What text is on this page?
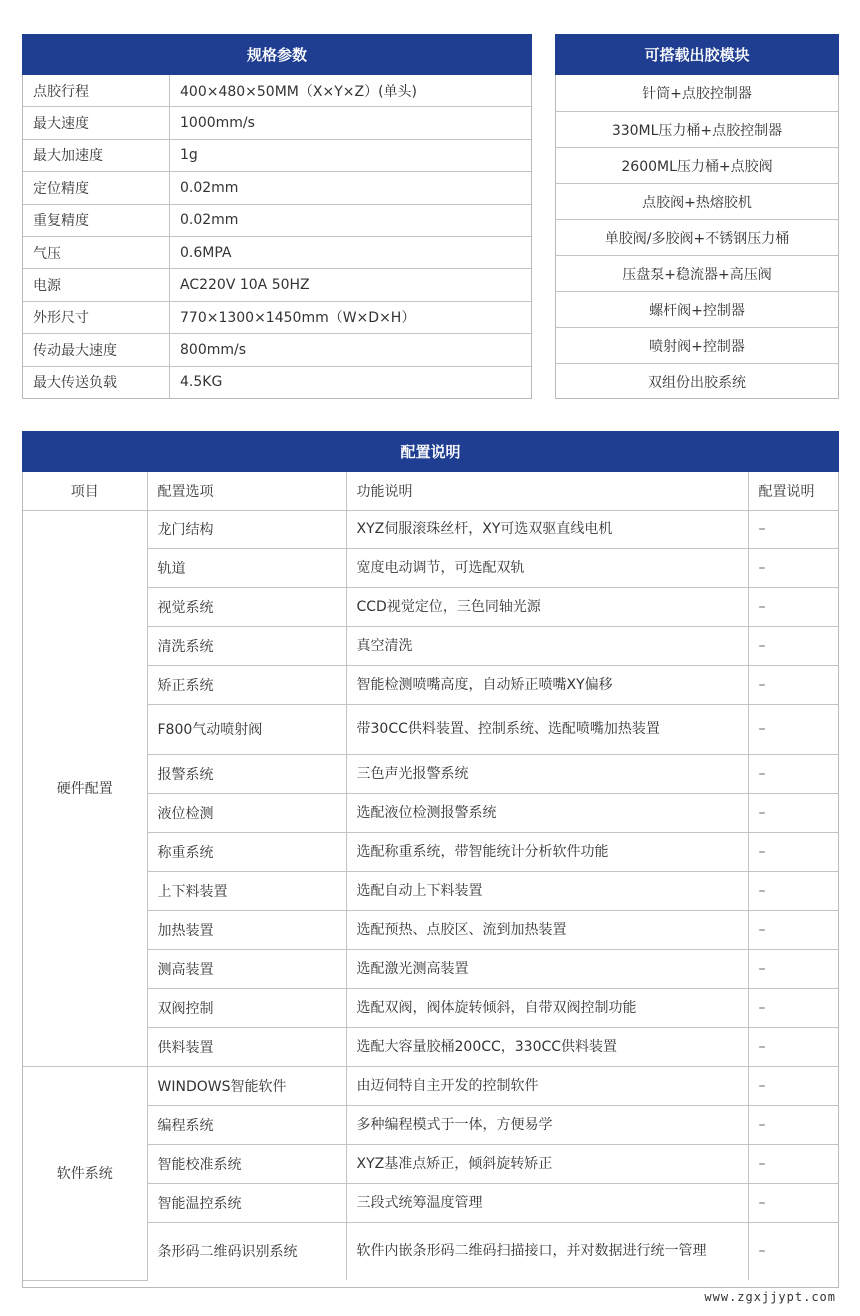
规格参数
点胶行程	400×480×50MM（X×Y×Z）(单头)
最大速度	1000mm/s
最大加速度	1g
定位精度	0.02mm
重复精度	0.02mm
气压	0.6MPA
电源	AC220V 10A 50HZ
外形尺寸	770×1300×1450mm（W×D×H）
传动最大速度	800mm/s
最大传送负载	4.5KG
可搭载出胶模块
针筒+点胶控制器
330ML压力桶+点胶控制器
2600ML压力桶+点胶阀
点胶阀+热熔胶机
单胶阀/多胶阀+不锈钢压力桶
压盘泵+稳流器+高压阀
螺杆阀+控制器
喷射阀+控制器
双组份出胶系统
配置说明
项目	配置选项	功能说明	配置说明
硬件配置	龙门结构	XYZ伺服滚珠丝杆，XY可选双驱直线电机	–
	轨道	宽度电动调节，可选配双轨	–
	视觉系统	CCD视觉定位，三色同轴光源	–
	清洗系统	真空清洗	–
	矫正系统	智能检测喷嘴高度，自动矫正喷嘴XY偏移	–
	F800气动喷射阀	带30CC供料装置、控制系统、选配喷嘴加热装置	–
	报警系统	三色声光报警系统	–
	液位检测	选配液位检测报警系统	–
	称重系统	选配称重系统，带智能统计分析软件功能	–
	上下料装置	选配自动上下料装置	–
	加热装置	选配预热、点胶区、流到加热装置	–
	测高装置	选配激光测高装置	–
	双阀控制	选配双阀，阀体旋转倾斜，自带双阀控制功能	–
	供料装置	选配大容量胶桶200CC，330CC供料装置	–
软件系统	WINDOWS智能软件	由迈伺特自主开发的控制软件	–
	编程系统	多种编程模式于一体，方便易学	–
	智能校准系统	XYZ基准点矫正，倾斜旋转矫正	–
	智能温控系统	三段式统筹温度管理	–
	条形码二维码识别系统	软件内嵌条形码二维码扫描接口，并对数据进行统一管理	–
www.zgxjjypt.com
